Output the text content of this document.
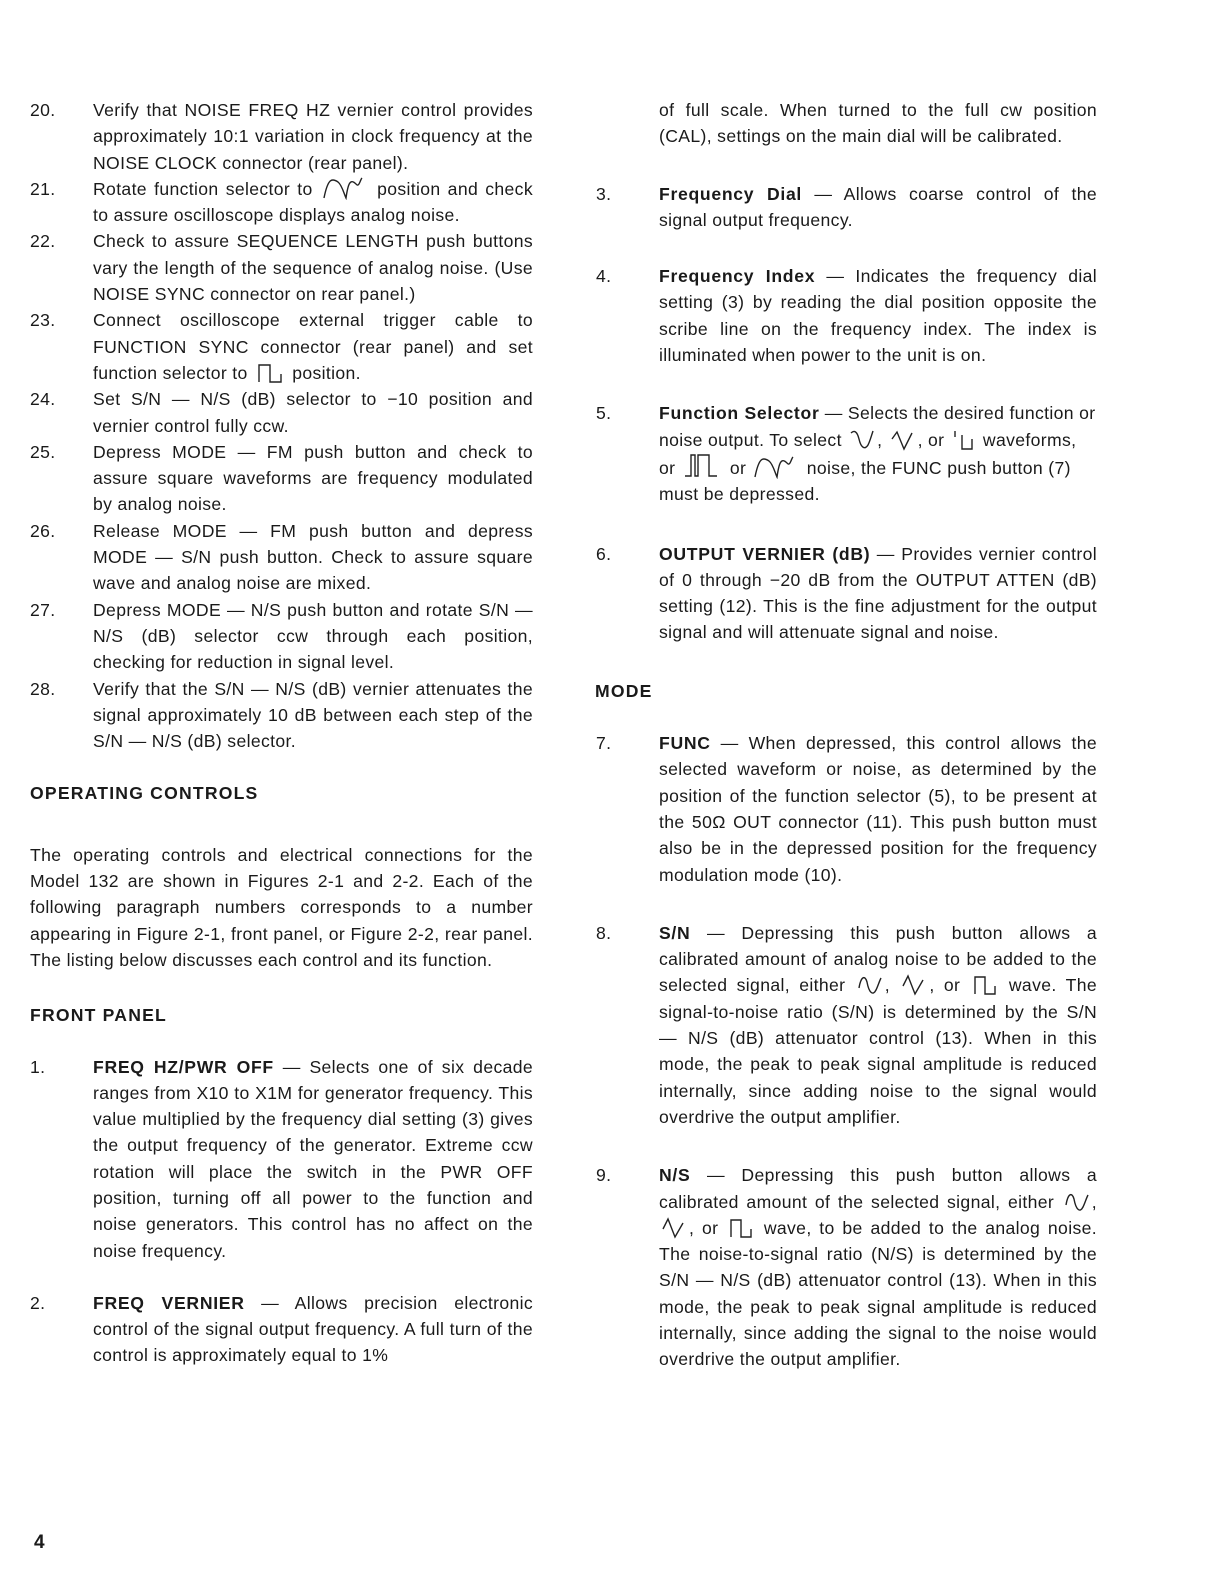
20. Verify that NOISE FREQ HZ vernier control provides approximately 10:1 variation in clock frequency at the NOISE CLOCK connector (rear panel).

21. Rotate function selector to	position and check to assure oscilloscope displays analog noise.

22. Check to assure SEQUENCE LENGTH push buttons vary the length of the sequence of analog noise. (Use NOISE SYNC connector on rear panel.)

23. Connect oscilloscope external trigger cable to FUNCTION SYNC connector (rear panel) and set function selector to	position.

24. Set S/N — N/S (dB) selector to −10 position and vernier control fully ccw.

25. Depress MODE — FM push button and check to assure square waveforms are frequency modulated by analog noise.

26. Release MODE — FM push button and depress MODE — S/N push button. Check to assure square wave and analog noise are mixed.

27. Depress MODE — N/S push button and rotate S/N — N/S (dB) selector ccw through each position, checking for reduction in signal level.

28. Verify that the S/N — N/S (dB) vernier attenuates the signal approximately 10 dB between each step of the S/N — N/S (dB) selector.

OPERATING CONTROLS

The operating controls and electrical connections for the Model 132 are shown in Figures 2-1 and 2-2. Each of the following paragraph numbers corresponds to a number appearing in Figure 2-1, front panel, or Figure 2-2, rear panel. The listing below discusses each control and its function.

FRONT PANEL
1.	FREQ HZ/PWR OFF — Selects one of six decade ranges from X10 to X1M for generator frequency. This value multiplied by the frequency dial setting (3) gives the output frequency of the generator. Extreme ccw rotation will place the switch in the PWR OFF position, turning off all power to the function and noise generators. This control has no affect on the noise frequency.

2.	FREQ VERNIER — Allows precision electronic control of the signal output frequency. A full turn of the control is approximately equal to 1%

of full scale. When turned to the full cw position (CAL), settings on the main dial will be calibrated.

3.	Frequency Dial — Allows coarse control of the signal output frequency.

4.	Frequency Index — Indicates the frequency dial setting (3) by reading the dial position opposite the scribe line on the frequency index. The index is illuminated when power to the unit is on.

5.	Function Selector — Selects the desired function or noise output. To select , , or waveforms, or	or	noise, the FUNC push button (7) must be depressed.

6.	OUTPUT VERNIER (dB) — Provides vernier control of 0 through −20 dB from the OUTPUT ATTEN (dB) setting (12). This is the fine adjustment for the output signal and will attenuate signal and noise.

MODE
7.	FUNC — When depressed, this control allows the selected waveform or noise, as determined by the position of the function selector (5), to be present at the 50Ω OUT connector (11). This push button must also be in the depressed position for the frequency modulation mode (10).

8.	S/N — Depressing this push button allows a calibrated amount of analog noise to be added to the selected signal, either , , or	wave. The signal-to-noise ratio (S/N) is determined by the S/N — N/S (dB) attenuator control (13). When in this mode, the peak to peak signal amplitude is reduced internally, since adding noise to the signal would overdrive the output amplifier.

9.	N/S — Depressing this push button allows a calibrated amount of the selected signal, either ,
, or	wave, to be added to the analog noise. The noise-to-signal ratio (N/S) is determined by the S/N — N/S (dB) attenuator control (13). When in this mode, the peak to peak signal amplitude is reduced internally, since adding the signal to the noise would overdrive the output amplifier.

4
